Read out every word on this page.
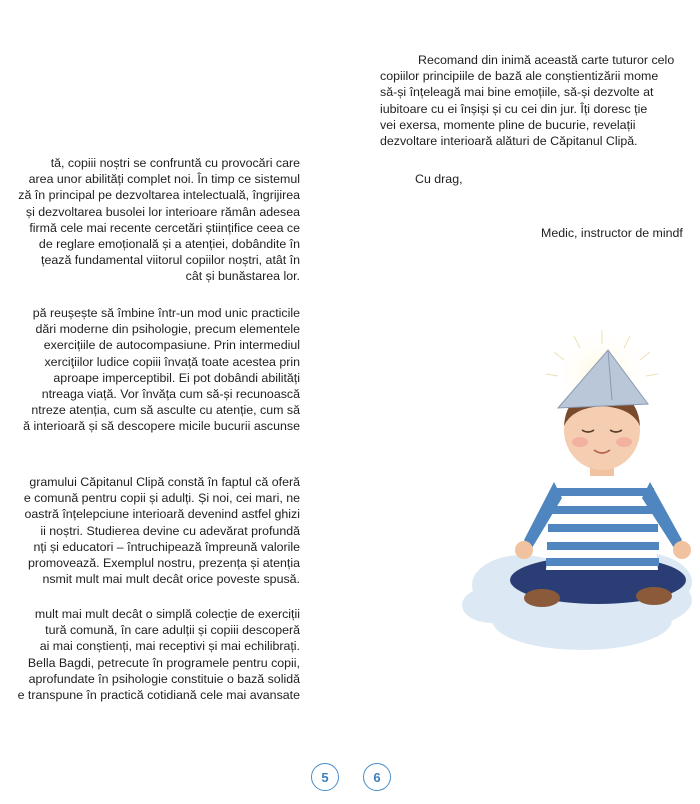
tă, copiii noștri se confruntă cu provocări care
area unor abilități complet noi. În timp ce sistemul
ză în principal pe dezvoltarea intelectuală, îngrijirea
și dezvoltarea busolei lor interioare rămân adesea
firmă cele mai recente cercetări științifice ceea ce
de reglare emoțională și a atenției, dobândite în
țează fundamental viitorul copiilor noștri, atât în
cât și bunăstarea lor.
pă reușește să îmbine într-un mod unic practicile
dări moderne din psihologie, precum elementele
exercițiile de autocompasiune. Prin intermediul
xerciţiilor ludice copiii învață toate acestea prin
aproape imperceptibil. Ei pot dobândi abilități
ntreaga viață. Vor învăța cum să-și recunoască
ntreze atenția, cum să asculte cu atenție, cum să
ă interioară și să descopere micile bucurii ascunse
gramului Căpitanul Clipă constă în faptul că oferă
e comună pentru copii și adulți. Și noi, cei mari, ne
oastră înțelepciune interioară devenind astfel ghizi
ii noștri. Studierea devine cu adevărat profundă
nți și educatori – întruchipează împreună valorile
promovează. Exemplul nostru, prezența și atenția
nsmit mult mai mult decât orice poveste spusă.
mult mai mult decât o simplă colecție de exerciții
tură comună, în care adulții și copiii descoperă
ai mai conștienți, mai receptivi și mai echilibrați.
Bella Bagdi, petrecute în programele pentru copii,
aprofundate în psihologie constituie o bază solidă
e transpune în practică cotidiană cele mai avansate
5
Recomand din inimă această carte tuturor celo
copiilor principiile de bază ale conștientizării mome
să-și înțeleagă mai bine emoțiile, să-și dezvolte at
iubitoare cu ei înșiși și cu cei din jur. Îți doresc ție
vei exersa, momente pline de bucurie, revelații
dezvoltare interioară alături de Căpitanul Clipă.

Cu drag,

Medic, instructor de mindf

6
